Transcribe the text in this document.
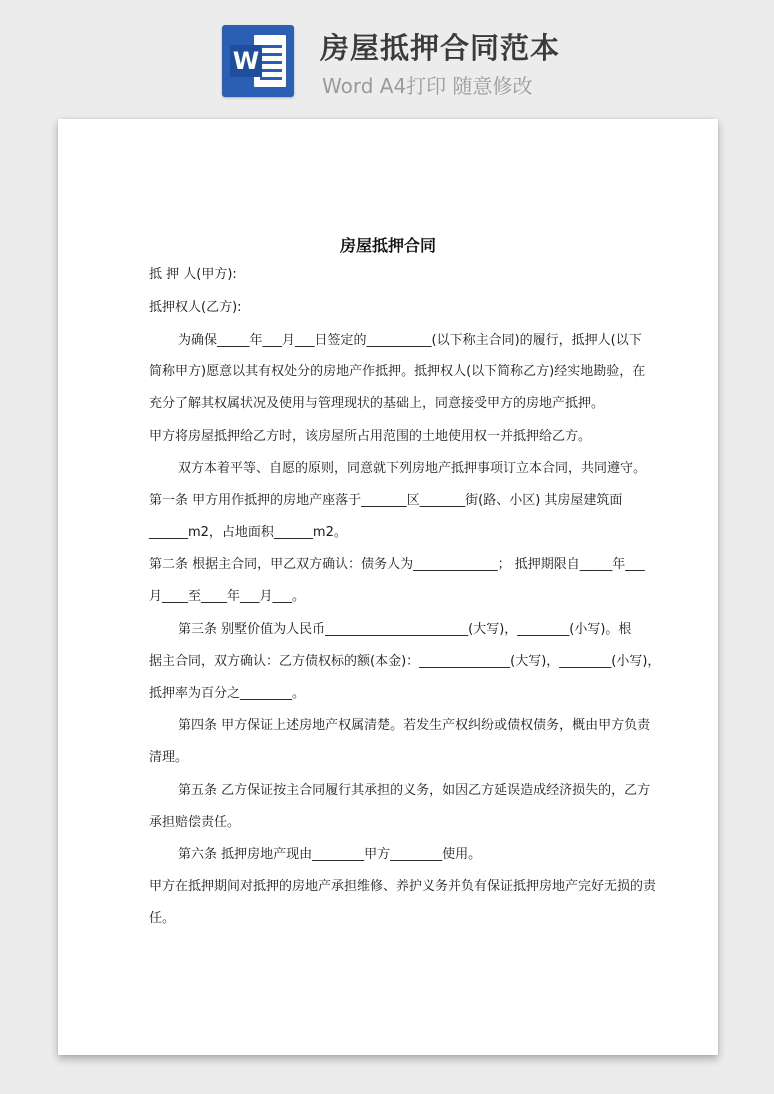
W 房屋抵押合同范本
Word A4打印 随意修改
房屋抵押合同
抵 押 人(甲方):
抵押权人(乙方):
为确保_____年___月___日签定的__________(以下称主合同)的履行，抵押人(以下
简称甲方)愿意以其有权处分的房地产作抵押。抵押权人(以下简称乙方)经实地勘验，在
充分了解其权属状况及使用与管理现状的基础上，同意接受甲方的房地产抵押。
甲方将房屋抵押给乙方时，该房屋所占用范围的土地使用权一并抵押给乙方。
双方本着平等、自愿的原则，同意就下列房地产抵押事项订立本合同，共同遵守。
第一条 甲方用作抵押的房地产座落于_______区_______街(路、小区) 其房屋建筑面
______m2，占地面积______m2。
第二条 根据主合同，甲乙双方确认：债务人为_____________； 抵押期限自_____年___
月____至____年___月___。
第三条 别墅价值为人民币______________________(大写)，________(小写)。根
据主合同，双方确认：乙方债权标的额(本金)：______________(大写)，________(小写)，
抵押率为百分之________。
第四条 甲方保证上述房地产权属清楚。若发生产权纠纷或债权债务，概由甲方负责
清理。
第五条 乙方保证按主合同履行其承担的义务，如因乙方延误造成经济损失的，乙方
承担赔偿责任。
第六条 抵押房地产现由________甲方________使用。
甲方在抵押期间对抵押的房地产承担维修、养护义务并负有保证抵押房地产完好无损的责
任。
